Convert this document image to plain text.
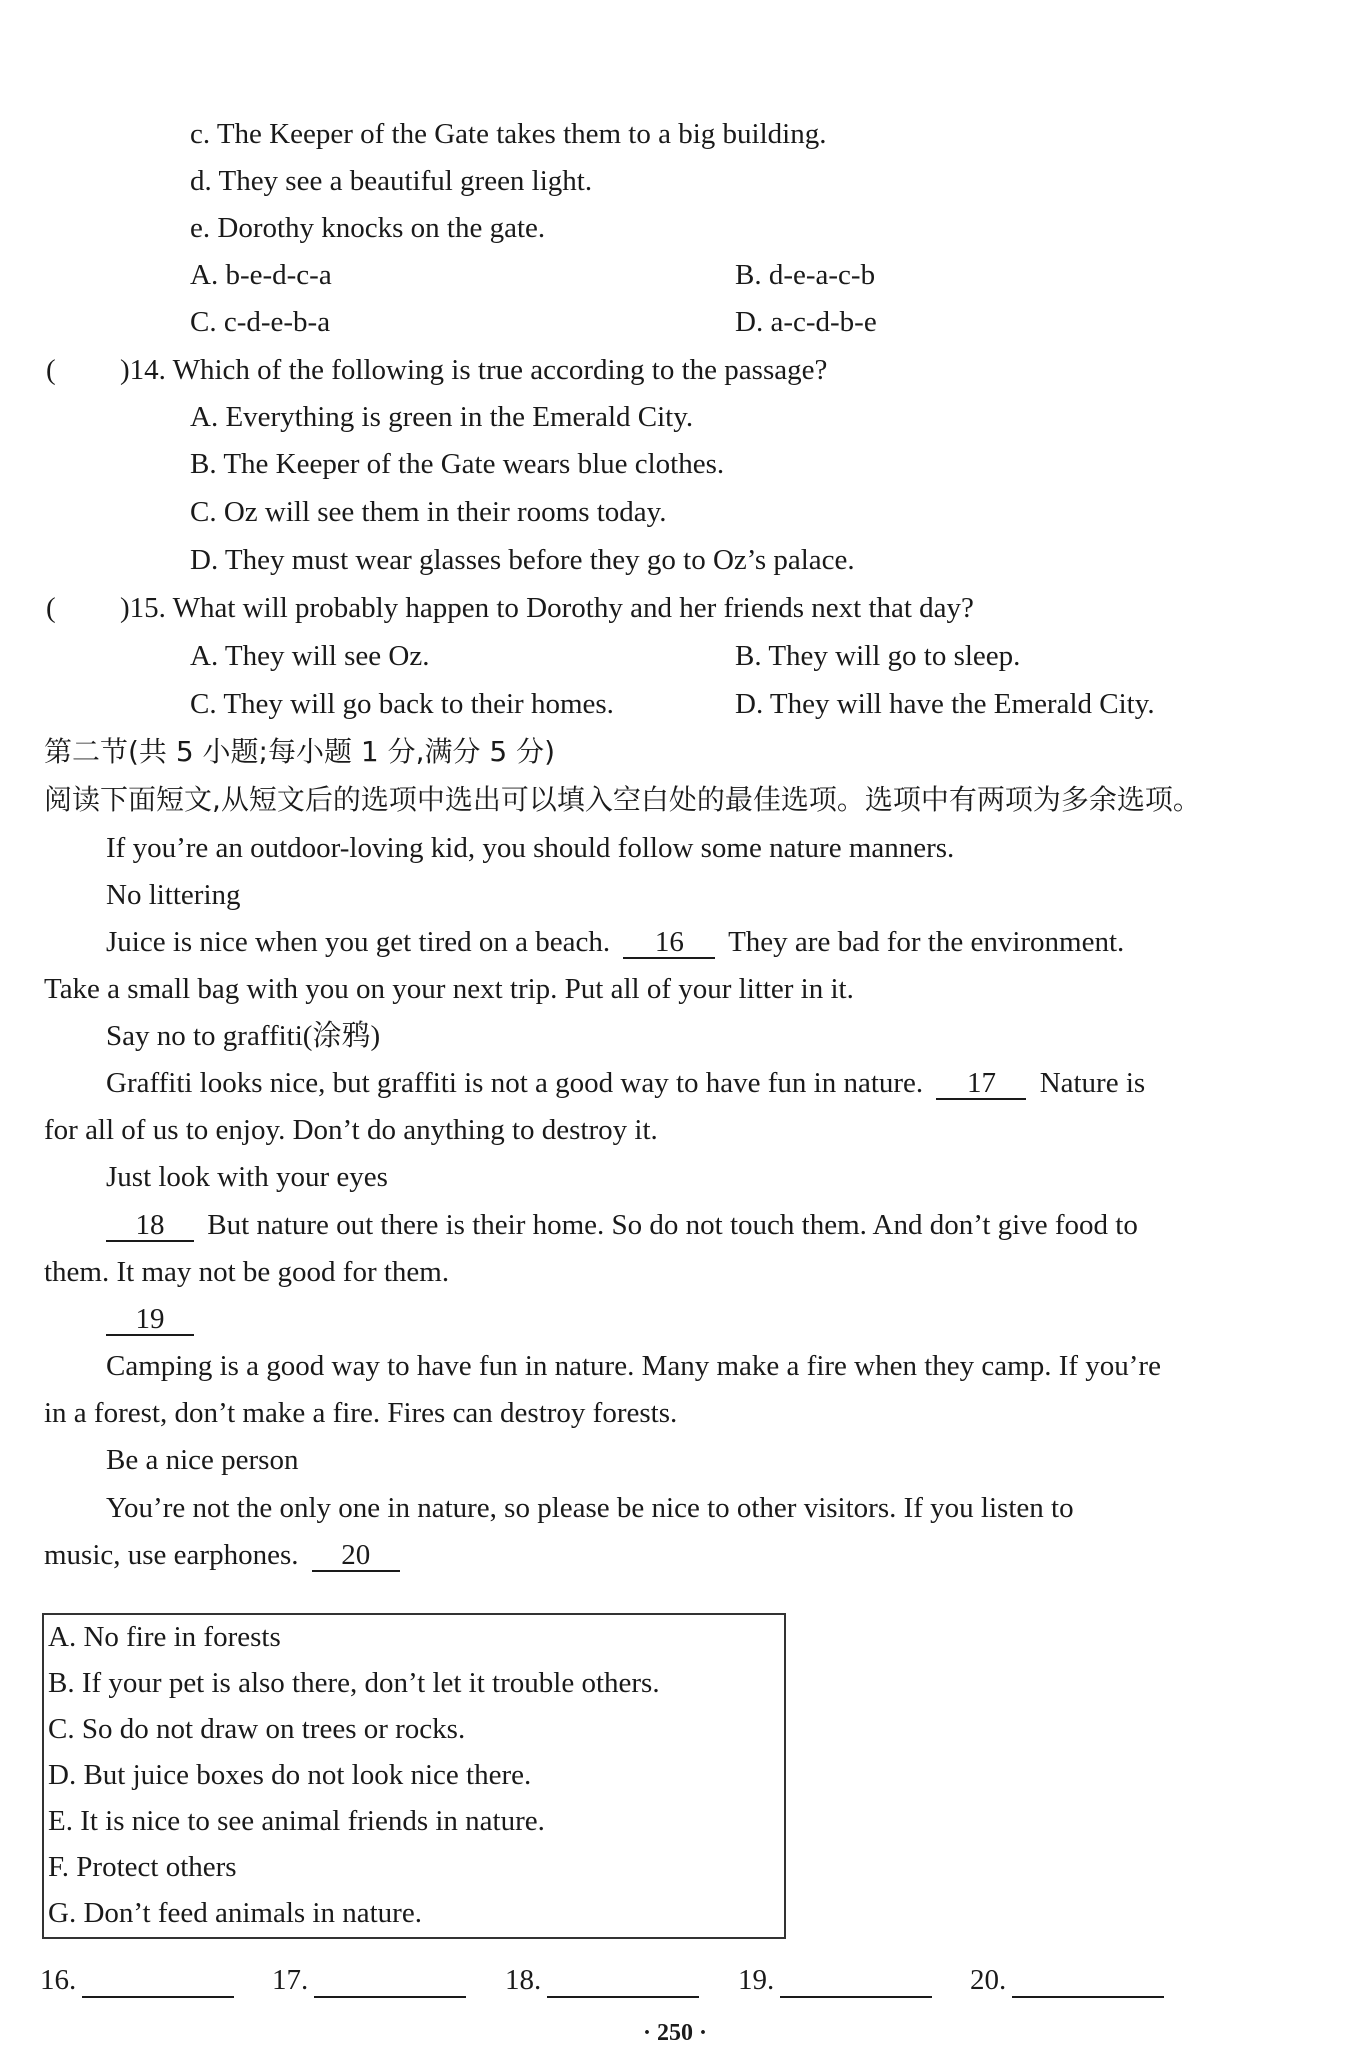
c. The Keeper of the Gate takes them to a big building.
d. They see a beautiful green light.
e. Dorothy knocks on the gate.
A. b-e-d-c-a	B. d-e-a-c-b
C. c-d-e-b-a	D. a-c-d-b-e
( )14. Which of the following is true according to the passage?
A. Everything is green in the Emerald City.
B. The Keeper of the Gate wears blue clothes.
C. Oz will see them in their rooms today.
D. They must wear glasses before they go to Oz’s palace.
( )15. What will probably happen to Dorothy and her friends next that day?
A. They will see Oz.	B. They will go to sleep.
C. They will go back to their homes.	D. They will have the Emerald City.
第二节(共 5 小题;每小题 1 分,满分 5 分)
阅读下面短文,从短文后的选项中选出可以填入空白处的最佳选项。选项中有两项为多余选项。
If you’re an outdoor-loving kid, you should follow some nature manners.
No littering
Juice is nice when you get tired on a beach. 16 They are bad for the environment.
Take a small bag with you on your next trip. Put all of your litter in it.
Say no to graffiti(涂鸦)
Graffiti looks nice, but graffiti is not a good way to have fun in nature. 17 Nature is
for all of us to enjoy. Don’t do anything to destroy it.
Just look with your eyes
18 But nature out there is their home. So do not touch them. And don’t give food to
them. It may not be good for them.
19
Camping is a good way to have fun in nature. Many make a fire when they camp. If you’re
in a forest, don’t make a fire. Fires can destroy forests.
Be a nice person
You’re not the only one in nature, so please be nice to other visitors. If you listen to
music, use earphones. 20
A. No fire in forests
B. If your pet is also there, don’t let it trouble others.
C. So do not draw on trees or rocks.
D. But juice boxes do not look nice there.
E. It is nice to see animal friends in nature.
F. Protect others
G. Don’t feed animals in nature.
16.	17.	18.	19.	20.
· 250 ·
